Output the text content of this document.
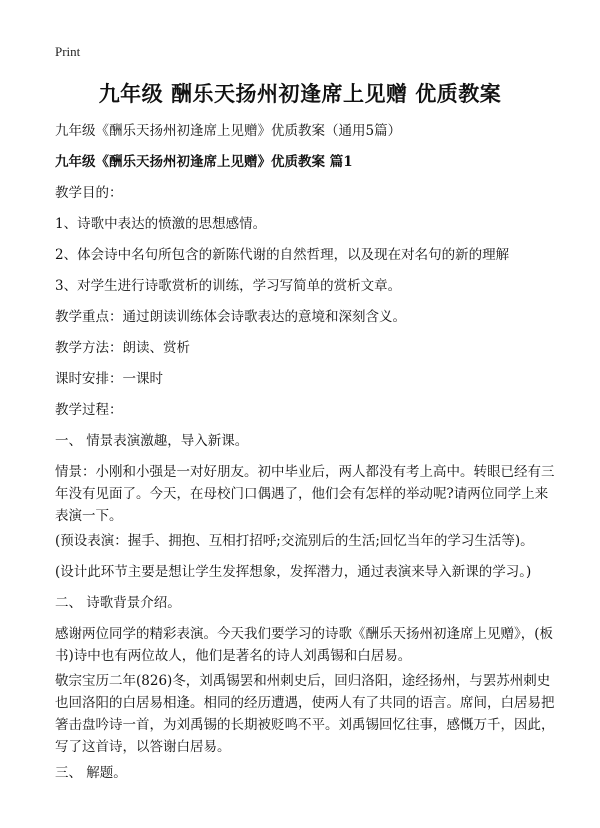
Print
九年级 酬乐天扬州初逢席上见赠 优质教案

九年级《酬乐天扬州初逢席上见赠》优质教案（通用5篇）

九年级《酬乐天扬州初逢席上见赠》优质教案 篇1

教学目的：

1、诗歌中表达的愤激的思想感情。

2、体会诗中名句所包含的新陈代谢的自然哲理，以及现在对名句的新的理解

3、对学生进行诗歌赏析的训练，学习写简单的赏析文章。

教学重点：通过朗读训练体会诗歌表达的意境和深刻含义。

教学方法：朗读、赏析

课时安排：一课时

教学过程：

一、 情景表演激趣，导入新课。

情景：小刚和小强是一对好朋友。初中毕业后，两人都没有考上高中。转眼已经有三年没有见面了。今天，在母校门口偶遇了，他们会有怎样的举动呢?请两位同学上来表演一下。

(预设表演：握手、拥抱、互相打招呼;交流别后的生活;回忆当年的学习生活等)。

(设计此环节主要是想让学生发挥想象，发挥潜力，通过表演来导入新课的学习。)

二、 诗歌背景介绍。

感谢两位同学的精彩表演。今天我们要学习的诗歌《酬乐天扬州初逢席上见赠》，(板书)诗中也有两位故人，他们是著名的诗人刘禹锡和白居易。

敬宗宝历二年(826)冬，刘禹锡罢和州刺史后，回归洛阳，途经扬州，与罢苏州刺史也回洛阳的白居易相逢。相同的经历遭遇，使两人有了共同的语言。席间，白居易把箸击盘吟诗一首，为刘禹锡的长期被贬鸣不平。刘禹锡回忆往事，感慨万千，因此，写了这首诗，以答谢白居易。

三、 解题。
